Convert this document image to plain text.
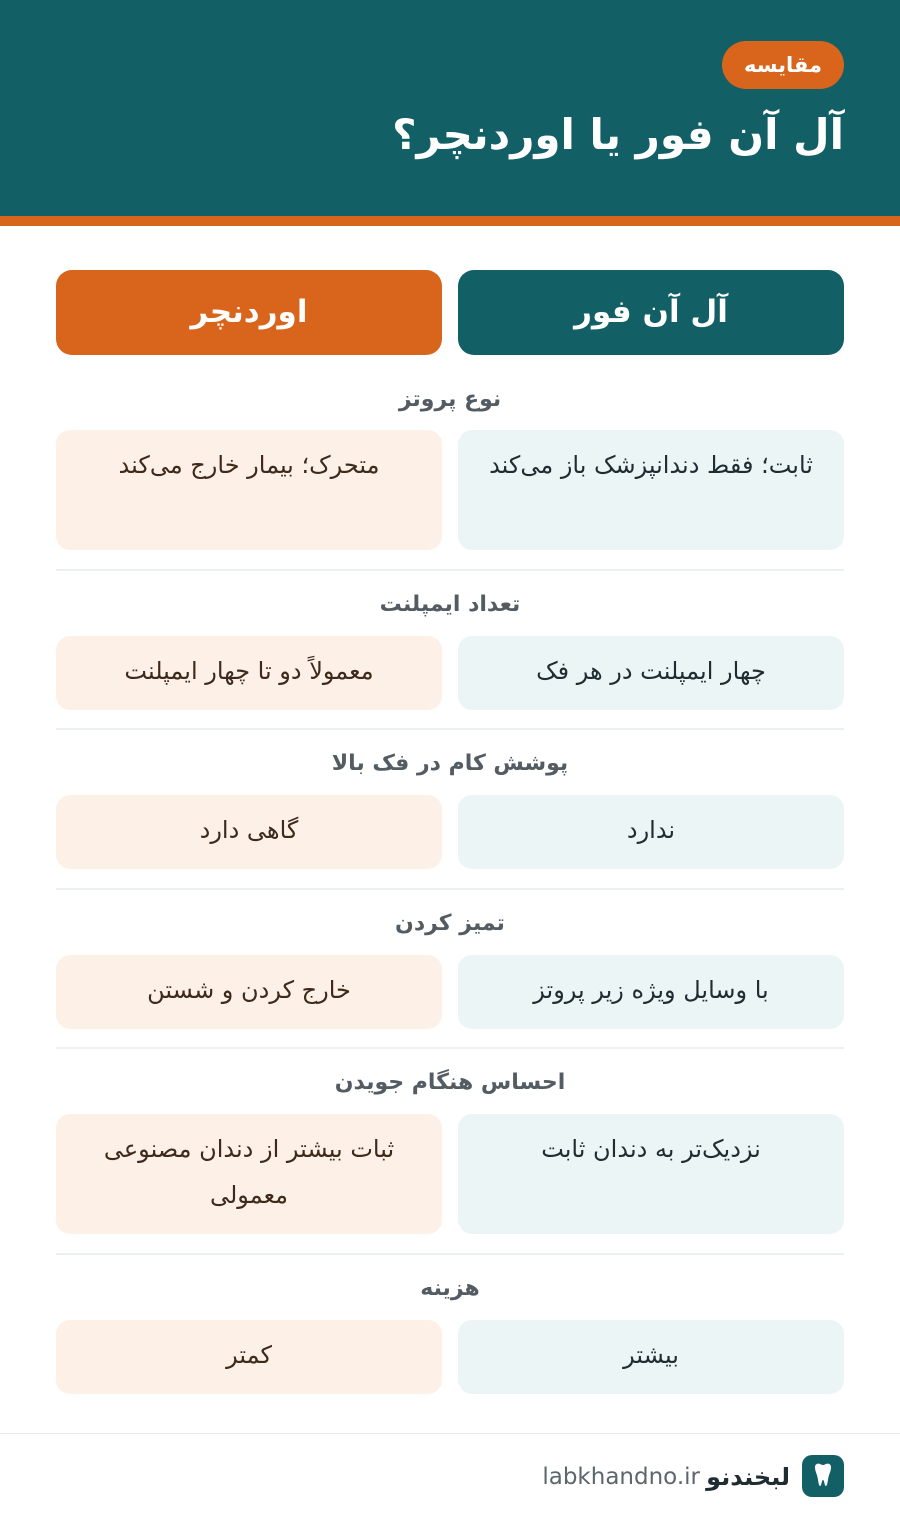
مقایسه
آل آن فور یا اوردنچر؟
آل آن فور
اوردنچر
نوع پروتز
ثابت؛ فقط دندانپزشک باز می‌کند
متحرک؛ بیمار خارج می‌کند
تعداد ایمپلنت
چهار ایمپلنت در هر فک
معمولاً دو تا چهار ایمپلنت
پوشش کام در فک بالا
ندارد
گاهی دارد
تمیز کردن
با وسایل ویژه زیر پروتز
خارج کردن و شستن
احساس هنگام جویدن
نزدیک‌تر به دندان ثابت
ثبات بیشتر از دندان مصنوعی معمولی
هزینه
بیشتر
کمتر
لبخندنو
labkhandno.ir
